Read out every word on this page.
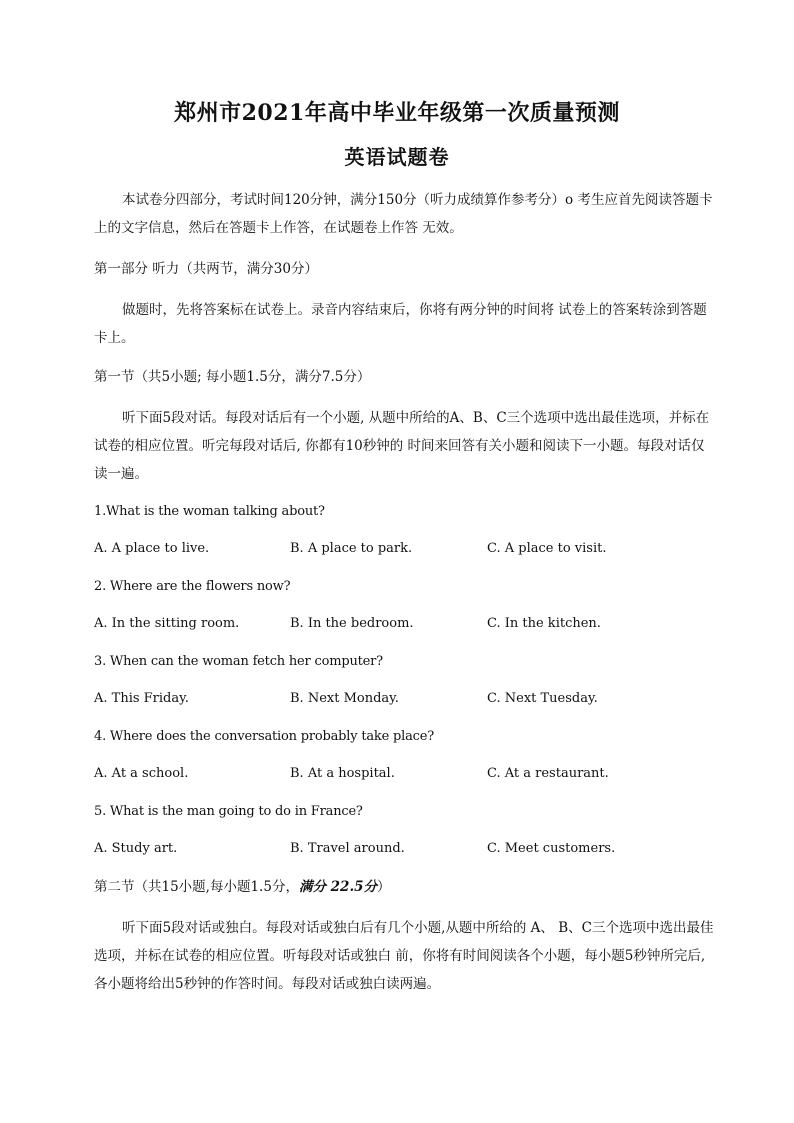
郑州市2021年高中毕业年级第一次质量预测
英语试题卷
本试卷分四部分，考试时间120分钟，满分150分（听力成绩算作参考分）o 考生应首先阅读答题卡上的文字信息，然后在答题卡上作答，在试题卷上作答 无效。
第一部分 听力（共两节，满分30分）
做题时，先将答案标在试卷上。录音内容结束后，你将有两分钟的时间将 试卷上的答案转涂到答题卡上。
第一节（共5小题; 每小题1.5分，满分7.5分）
听下面5段对话。每段对话后有一个小题, 从题中所给的A、B、C三个选项中选出最佳选项，并标在试卷的相应位置。听完每段对话后, 你都有10秒钟的 时间来回答有关小题和阅读下一小题。每段对话仅读一遍。
1.What is the woman talking about?
A. A place to live.	B. A place to park.	C. A place to visit.
2. Where are the flowers now?
A. In the sitting room.	B. In the bedroom.	C. In the kitchen.
3. When can the woman fetch her computer?
A. This Friday.	B. Next Monday.	C. Next Tuesday.
4. Where does the conversation probably take place?
A. At a school.	B. At a hospital.	C. At a restaurant.
5. What is the man going to do in France?
A. Study art.	B. Travel around.	C. Meet customers.
第二节（共15小题,每小题1.5分，满分 22.5分）
听下面5段对话或独白。每段对话或独白后有几个小题,从题中所给的 A、 B、C三个选项中选出最佳选项，并标在试卷的相应位置。听每段对话或独白 前，你将有时间阅读各个小题，每小题5秒钟所完后,各小题将给出5秒钟的作答时间。每段对话或独白读两遍。
